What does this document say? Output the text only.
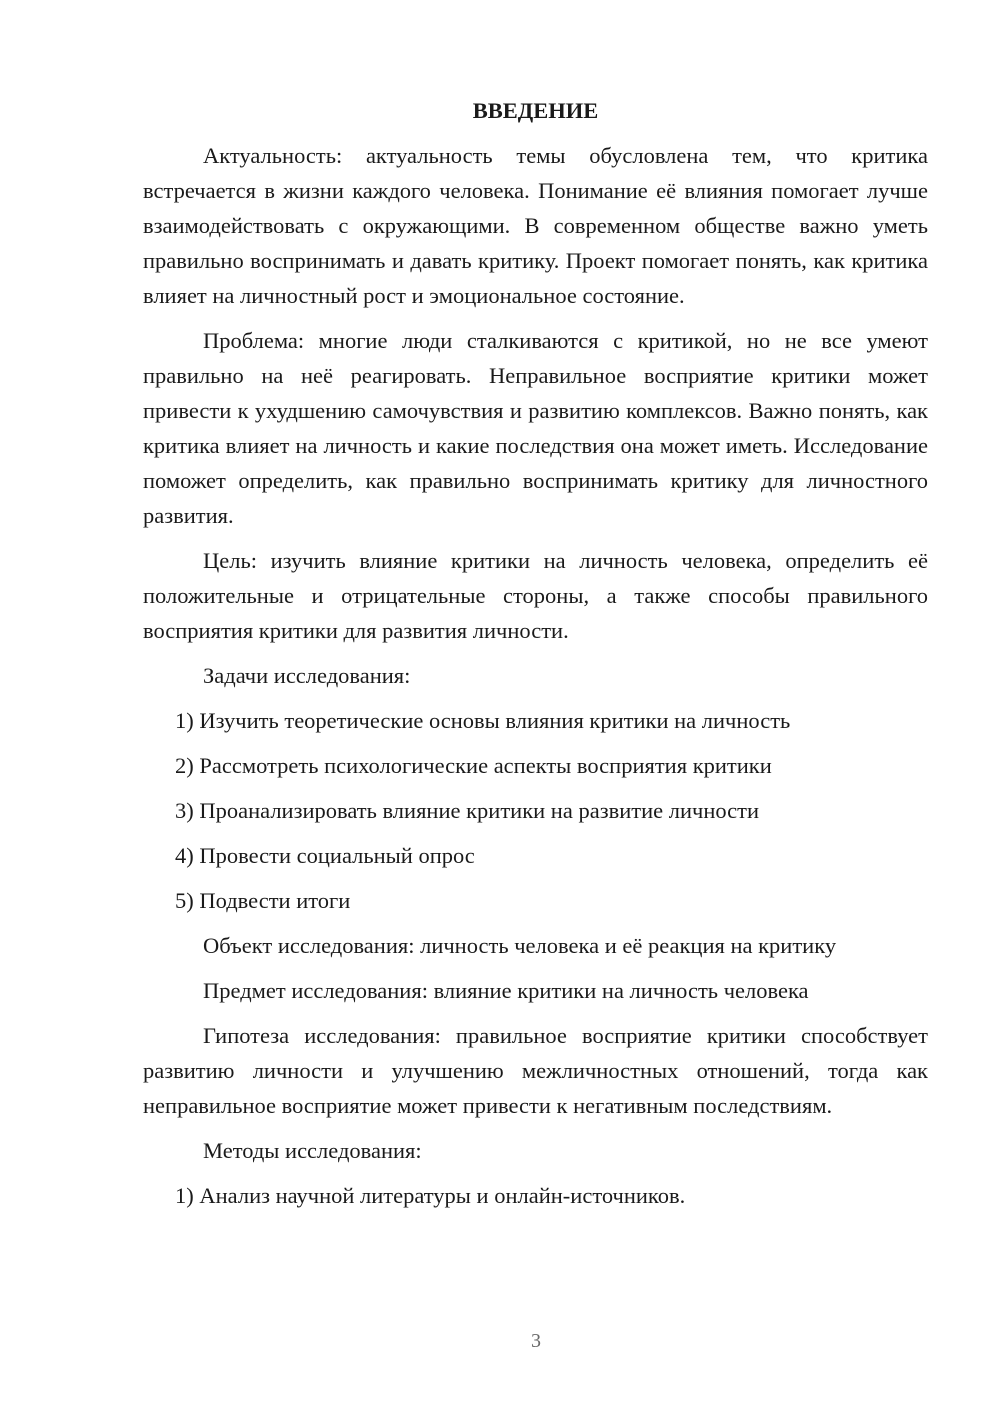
ВВЕДЕНИЕ

Актуальность: актуальность темы обусловлена тем, что критика встречается в жизни каждого человека. Понимание её влияния помогает лучше взаимодействовать с окружающими. В современном обществе важно уметь правильно воспринимать и давать критику. Проект помогает понять, как критика влияет на личностный рост и эмоциональное состояние.

Проблема: многие люди сталкиваются с критикой, но не все умеют правильно на неё реагировать. Неправильное восприятие критики может привести к ухудшению самочувствия и развитию комплексов. Важно понять, как критика влияет на личность и какие последствия она может иметь. Исследование поможет определить, как правильно воспринимать критику для личностного развития.

Цель: изучить влияние критики на личность человека, определить её положительные и отрицательные стороны, а также способы правильного восприятия критики для развития личности.

Задачи исследования:

1) Изучить теоретические основы влияния критики на личность

2) Рассмотреть психологические аспекты восприятия критики

3) Проанализировать влияние критики на развитие личности

4) Провести социальный опрос

5) Подвести итоги

Объект исследования: личность человека и её реакция на критику

Предмет исследования: влияние критики на личность человека

Гипотеза исследования: правильное восприятие критики способствует развитию личности и улучшению межличностных отношений, тогда как неправильное восприятие может привести к негативным последствиям.

Методы исследования:

1) Анализ научной литературы и онлайн-источников.

3
